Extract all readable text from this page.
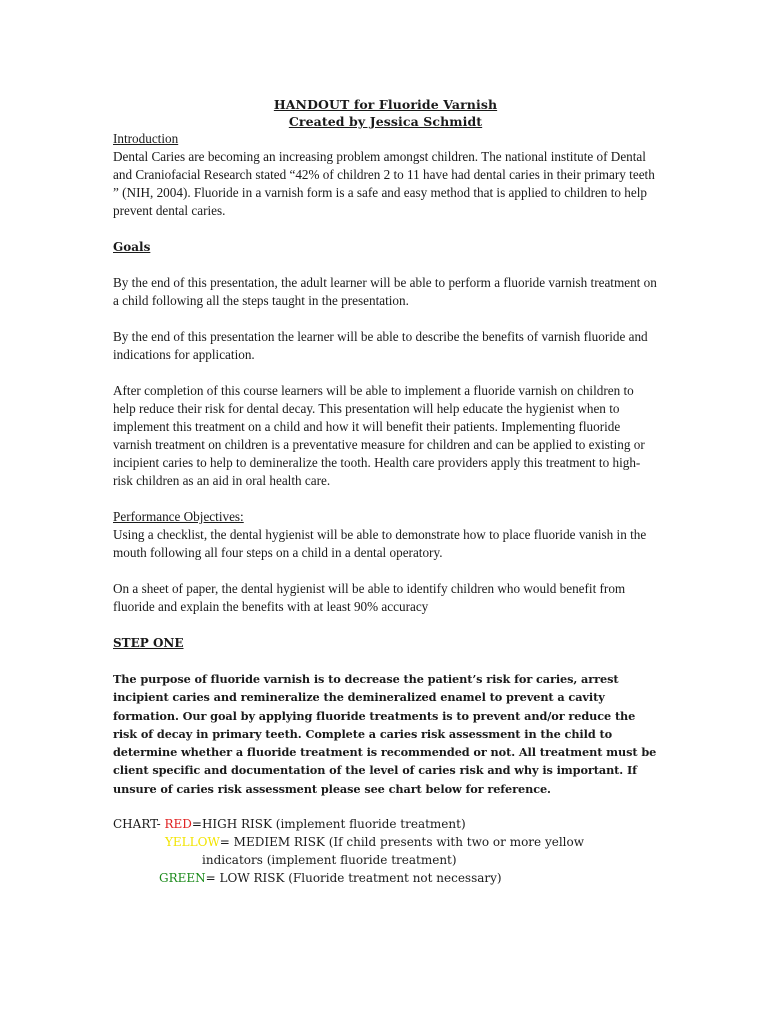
HANDOUT for Fluoride Varnish

Created by Jessica Schmidt

Introduction

Dental Caries are becoming an increasing problem amongst children. The national institute of Dental and Craniofacial Research stated “42% of children 2 to 11 have had dental caries in their primary teeth ” (NIH, 2004). Fluoride in a varnish form is a safe and easy method that is applied to children to help prevent dental caries.

Goals

By the end of this presentation, the adult learner will be able to perform a fluoride varnish treatment on a child following all the steps taught in the presentation.

By the end of this presentation the learner will be able to describe the benefits of varnish fluoride and indications for application.

After completion of this course learners will be able to implement a fluoride varnish on children to help reduce their risk for dental decay. This presentation will help educate the hygienist when to implement this treatment on a child and how it will benefit their patients. Implementing fluoride varnish treatment on children is a preventative measure for children and can be applied to existing or incipient caries to help to demineralize the tooth. Health care providers apply this treatment to high-risk children as an aid in oral health care.

Performance Objectives:

Using a checklist, the dental hygienist will be able to demonstrate how to place fluoride vanish in the mouth following all four steps on a child in a dental operatory.

On a sheet of paper, the dental hygienist will be able to identify children who would benefit from fluoride and explain the benefits with at least 90% accuracy

STEP ONE

The purpose of fluoride varnish is to decrease the patient’s risk for caries, arrest incipient caries and remineralize the demineralized enamel to prevent a cavity formation. Our goal by applying fluoride treatments is to prevent and/or reduce the risk of decay in primary teeth. Complete a caries risk assessment in the child to determine whether a fluoride treatment is recommended or not. All treatment must be client specific and documentation of the level of caries risk and why is important. If unsure of caries risk assessment please see chart below for reference.

CHART- RED=HIGH RISK (implement fluoride treatment)

YELLOW= MEDIEM RISK (If child presents with two or more yellow

indicators (implement fluoride treatment)

GREEN= LOW RISK (Fluoride treatment not necessary)
